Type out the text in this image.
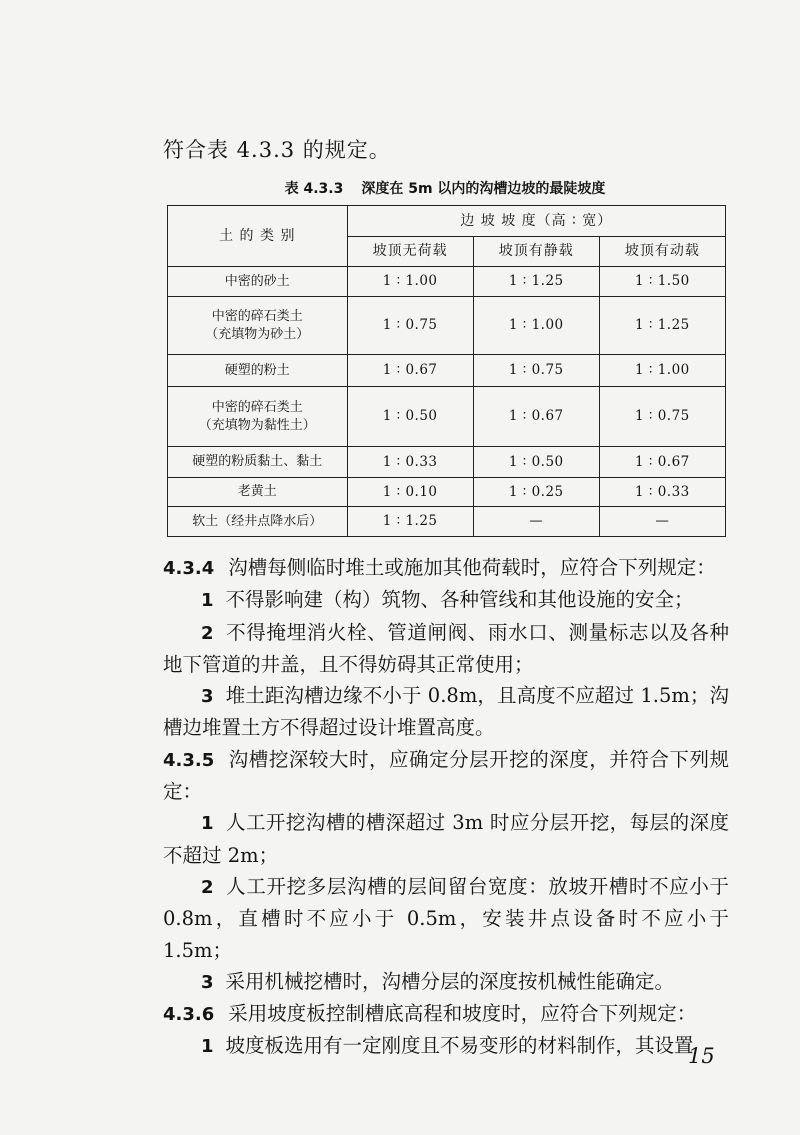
符合表 4.3.3 的规定。
表 4.3.3 深度在 5m 以内的沟槽边坡的最陡坡度
土 的 类 别	边 坡 坡 度（高 ∶ 宽）		
	坡顶无荷载	坡顶有静载	坡顶有动载
中密的砂土	1 ∶ 1.00	1 ∶ 1.25	1 ∶ 1.50

中密的碎石类土
（充填物为砂土）	1 ∶ 0.75	1 ∶ 1.00	1 ∶ 1.25
硬塑的粉土	1 ∶ 0.67	1 ∶ 0.75	1 ∶ 1.00

中密的碎石类土
（充填物为黏性土）	1 ∶ 0.50	1 ∶ 0.67	1 ∶ 0.75
硬塑的粉质黏土、黏土	1 ∶ 0.33	1 ∶ 0.50	1 ∶ 0.67
老黄土	1 ∶ 0.10	1 ∶ 0.25	1 ∶ 0.33
软土（经井点降水后）	1 ∶ 1.25	—	—

4.3.4 沟槽每侧临时堆土或施加其他荷载时，应符合下列规定：

1 不得影响建（构）筑物、各种管线和其他设施的安全；

2 不得掩埋消火栓、管道闸阀、雨水口、测量标志以及各种地下管道的井盖，且不得妨碍其正常使用；

3 堆土距沟槽边缘不小于 0.8m，且高度不应超过 1.5m；沟槽边堆置土方不得超过设计堆置高度。

4.3.5 沟槽挖深较大时，应确定分层开挖的深度，并符合下列规定：

1 人工开挖沟槽的槽深超过 3m 时应分层开挖，每层的深度不超过 2m；

2 人工开挖多层沟槽的层间留台宽度：放坡开槽时不应小于 0.8m，直槽时不应小于 0.5m，安装井点设备时不应小于 1.5m；

3 采用机械挖槽时，沟槽分层的深度按机械性能确定。

4.3.6 采用坡度板控制槽底高程和坡度时，应符合下列规定：

1 坡度板选用有一定刚度且不易变形的材料制作，其设置

15
